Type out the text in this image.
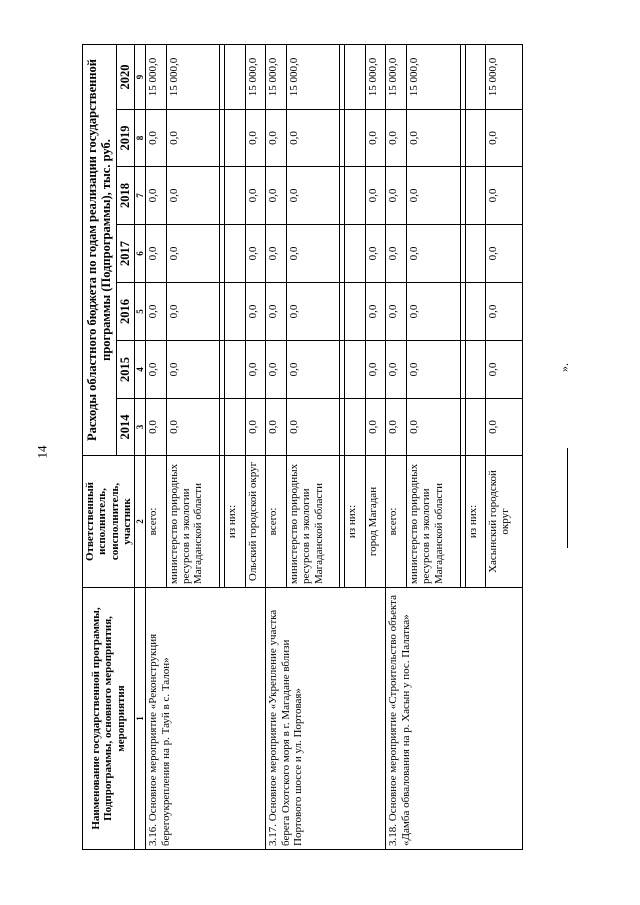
14
».
Наименование государственной программы, Подпрограммы, основного мероприятия, мероприятия	Ответственный исполнитель, соисполнитель, участник	Расходы областного бюджета по годам реализации государственной программы (Подпрограммы), тыс. руб.						
		2014	2015	2016	2017	2018	2019	2020
1	2	3	4	5	6	7	8	9
3.16. Основное мероприятие «Реконструкция берегоукрепления на р. Тауй в с. Талон»	всего:	0,0	0,0	0,0	0,0	0,0	0,0	15 000,0
	министерство природных ресурсов и экологии Магаданской области	0,0	0,0	0,0	0,0	0,0	0,0	15 000,0

	из них:							
	Ольский городской округ	0,0	0,0	0,0	0,0	0,0	0,0	15 000,0
3.17. Основное мероприятие «Укрепление участка берега Охотского моря в г. Магадане вблизи Портового шоссе и ул. Портовая»	всего:	0,0	0,0	0,0	0,0	0,0	0,0	15 000,0
	министерство природных ресурсов и экологии Магаданской области	0,0	0,0	0,0	0,0	0,0	0,0	15 000,0

	из них:							
	город Магадан	0,0	0,0	0,0	0,0	0,0	0,0	15 000,0
3.18. Основное мероприятие «Строительство объекта «Дамба обвалования на р. Хасын у пос. Палатка»	всего:	0,0	0,0	0,0	0,0	0,0	0,0	15 000,0
	министерство природных ресурсов и экологии Магаданской области	0,0	0,0	0,0	0,0	0,0	0,0	15 000,0

	из них:							
	Хасынский городской округ	0,0	0,0	0,0	0,0	0,0	0,0	15 000,0
